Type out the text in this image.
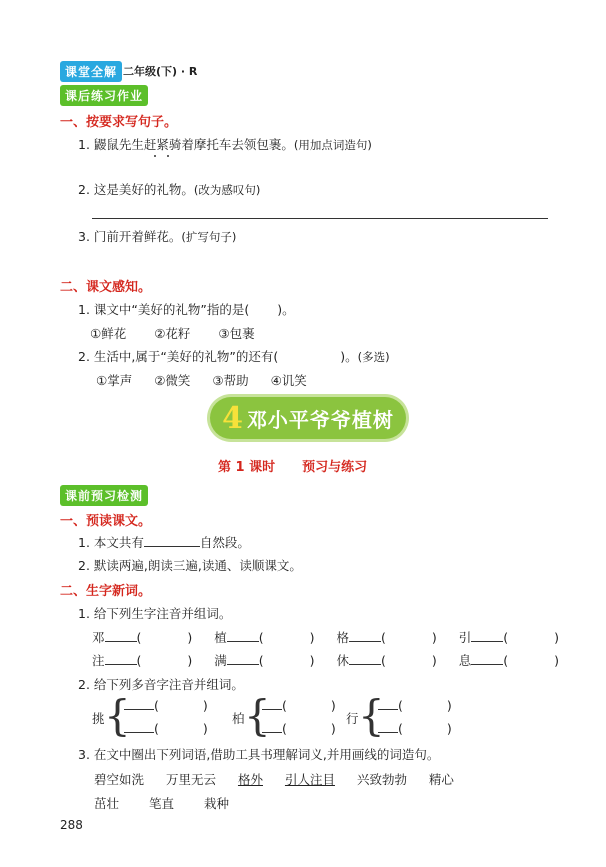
课堂全解 二年级(下) · R
课后练习作业
一、按要求写句子。
1. 鼹鼠先生赶紧骑着摩托车去领包裹。(用加点词造句)
2. 这是美好的礼物。(改为感叹句)
3. 门前开着鲜花。(扩写句子)
二、课文感知。
1. 课文中“美好的礼物”指的是( )。
①鲜花 ②花籽 ③包裹
2. 生活中,属于“美好的礼物”的还有(	)。(多选)
①掌声 ②微笑 ③帮助 ④讥笑
4 邓小平爷爷植树
第 1 课时 预习与练习
课前预习检测
一、预读课文。
1. 本文共有	自然段。
2. 默读两遍,朗读三遍,读通、读顺课文。
二、生字新词。
1. 给下列生字注音并组词。
邓	(	)  植	(	)  格	(	)  引	(	)
注	(	)  满	(	)  休	(	)  息	(	)
2. 给下列多音字注音并组词。
挑 {	(	)
(	)
柏 { (	)
(	)
行 {	(	)
(	)
3. 在文中圈出下列词语,借助工具书理解词义,并用画线的词造句。
碧空如洗 万里无云 格外 引人注目 兴致勃勃 精心
茁壮 笔直 栽种
288
